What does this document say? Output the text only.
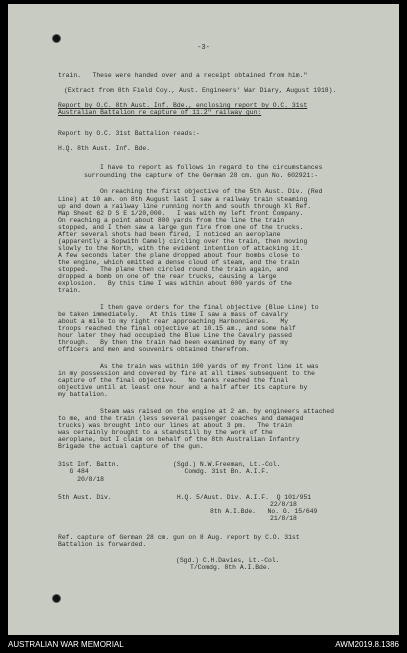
-3-
train.   These were handed over and a receipt obtained from him."
(Extract from 8th Field Coy., Aust. Engineers' War Diary, August 1918).
Report by O.C. 8th Aust. Inf. Bde., enclosing report by O.C. 31st
Australian Battalion re capture of 11.2" railway gun:
Report by O.C. 31st Battalion reads:-
H.Q. 8th Aust. Inf. Bde.
I have to report as follows in regard to the circumstances
surrounding the capture of the German 28 cm. gun No. 602921:-
On reaching the first objective of the 5th Aust. Div. (Red
Line) at 10 am. on 8th August last I saw a railway train steaming
up and down a railway line running north and south through Xl Ref.
Map Sheet 62 D S E 1/20,000.   I was with my left front Company.
On reaching a point about 800 yards from the line the train
stopped, and I then saw a large gun fire from one of the trucks.
After several shots had been fired, I noticed an aeroplane
(apparently a Sopwith Camel) circling over the train, then moving
slowly to the North, with the evident intention of attacking it.
A few seconds later the plane dropped about four bombs close to
the engine, which emitted a dense cloud of steam, and the train
stopped.   The plane then circled round the train again, and
dropped a bomb on one of the rear trucks, causing a large
explosion.   By this time I was within about 600 yards of the
train.
I then gave orders for the final objective (Blue Line) to
be taken immediately.   At this time I saw a mass of cavalry
about a mile to my right rear approaching Harbonnieres.   My
troops reached the final objective at 10.15 am., and some half
hour later they had occupied the Blue Line the Cavalry passed
through.   By then the train had been examined by many of my
officers and men and souvenirs obtained therefrom.
As the train was within 100 yards of my front line it was
in my possession and covered by fire at all times subsequent to the
capture of the final objective.   No tanks reached the final
objective until at least one hour and a half after its capture by
my battalion.
Steam was raised on the engine at 2 am. by engineers attached
to me, and the train (less several passenger coaches and damaged
trucks) was brought into our lines at about 3 pm.   The train
was certainly brought to a standstill by the work of the
aeroplane, but I claim on behalf of the 8th Australian Infantry
Brigade the actual capture of the gun.
31st Inf. Battn.              (Sgd.) N.W.Freeman, Lt.-Col.
G 484                         Comdg. 31st Bn. A.I.F.
20/8/18
5th Aust. Div.                 H.Q. 5/Aust. Div. A.I.F.  Q 101/951
22/8/18
8th A.I.Bde.   No. G. 15/649
21/8/18
Ref. capture of German 28 cm. gun on 8 Aug. report by C.O. 31st
Battalion is forwarded.
(Sgd.) C.H.Davies, Lt.-Col.
T/Comdg. 8th A.I.Bde.
AUSTRALIAN WAR MEMORIAL	AWM2019.8.1386
